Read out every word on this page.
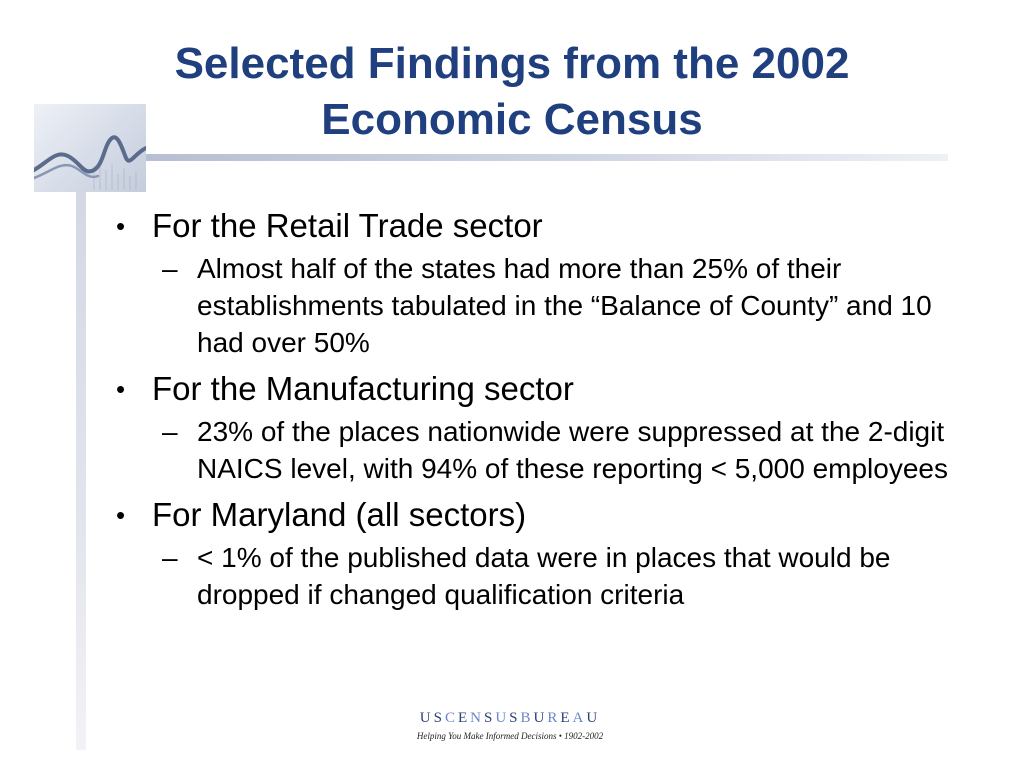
Selected Findings from the 2002
Economic Census
• For the Retail Trade sector
– Almost half of the states had more than 25% of their establishments tabulated in the “Balance of County” and 10 had over 50%
• For the Manufacturing sector
– 23% of the places nationwide were suppressed at the 2-digit NAICS level, with 94% of these reporting < 5,000 employees
• For Maryland (all sectors)
– < 1% of the published data were in places that would be dropped if changed qualification criteria
USCENSUSBUREAU
Helping You Make Informed Decisions • 1902-2002
